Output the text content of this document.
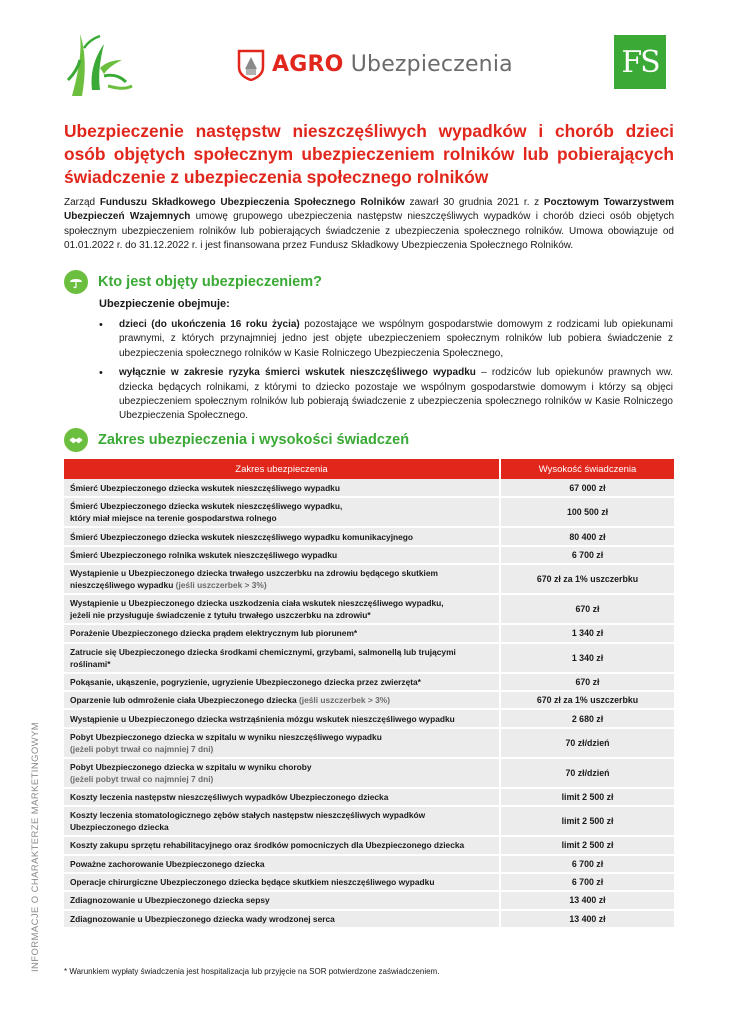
AGRO Ubezpieczenia	FS
Ubezpieczenie następstw nieszczęśliwych wypadków i chorób dzieci osób objętych społecznym ubezpieczeniem rolników lub pobierających świadczenie z ubezpieczenia społecznego rolników
Zarząd Funduszu Składkowego Ubezpieczenia Społecznego Rolników zawarł 30 grudnia 2021 r. z Pocztowym Towarzystwem Ubezpieczeń Wzajemnych umowę grupowego ubezpieczenia następstw nieszczęśliwych wypadków i chorób dzieci osób objętych społecznym ubezpieczeniem rolników lub pobierających świadczenie z ubezpieczenia społecznego rolników. Umowa obowiązuje od 01.01.2022 r. do 31.12.2022 r. i jest finansowana przez Fundusz Składkowy Ubezpieczenia Społecznego Rolników.
Kto jest objęty ubezpieczeniem?
Ubezpieczenie obejmuje:
• dzieci (do ukończenia 16 roku życia) pozostające we wspólnym gospodarstwie domowym z rodzicami lub opiekunami prawnymi, z których przynajmniej jedno jest objęte ubezpieczeniem społecznym rolników lub pobiera świadczenie z ubezpieczenia społecznego rolników w Kasie Rolniczego Ubezpieczenia Społecznego,
• wyłącznie w zakresie ryzyka śmierci wskutek nieszczęśliwego wypadku – rodziców lub opiekunów prawnych ww. dziecka będących rolnikami, z którymi to dziecko pozostaje we wspólnym gospodarstwie domowym i którzy są objęci ubezpieczeniem społecznym rolników lub pobierają świadczenie z ubezpieczenia społecznego rolników w Kasie Rolniczego Ubezpieczenia Społecznego.
Zakres ubezpieczenia i wysokości świadczeń
Zakres ubezpieczenia	Wysokość świadczenia
Śmierć Ubezpieczonego dziecka wskutek nieszczęśliwego wypadku	67 000 zł
Śmierć Ubezpieczonego dziecka wskutek nieszczęśliwego wypadku,
który miał miejsce na terenie gospodarstwa rolnego	100 500 zł
Śmierć Ubezpieczonego dziecka wskutek nieszczęśliwego wypadku komunikacyjnego	80 400 zł
Śmierć Ubezpieczonego rolnika wskutek nieszczęśliwego wypadku	6 700 zł
Wystąpienie u Ubezpieczonego dziecka trwałego uszczerbku na zdrowiu będącego skutkiem
nieszczęśliwego wypadku (jeśli uszczerbek > 3%)	670 zł za 1% uszczerbku
Wystąpienie u Ubezpieczonego dziecka uszkodzenia ciała wskutek nieszczęśliwego wypadku,
jeżeli nie przysługuje świadczenie z tytułu trwałego uszczerbku na zdrowiu*	670 zł
Porażenie Ubezpieczonego dziecka prądem elektrycznym lub piorunem*	1 340 zł
Zatrucie się Ubezpieczonego dziecka środkami chemicznymi, grzybami, salmonellą lub trującymi roślinami*	1 340 zł
Pokąsanie, ukąszenie, pogryzienie, ugryzienie Ubezpieczonego dziecka przez zwierzęta*	670 zł
Oparzenie lub odmrożenie ciała Ubezpieczonego dziecka (jeśli uszczerbek > 3%)	670 zł za 1% uszczerbku
Wystąpienie u Ubezpieczonego dziecka wstrząśnienia mózgu wskutek nieszczęśliwego wypadku	2 680 zł
Pobyt Ubezpieczonego dziecka w szpitalu w wyniku nieszczęśliwego wypadku
(jeżeli pobyt trwał co najmniej 7 dni)	70 zł/dzień
Pobyt Ubezpieczonego dziecka w szpitalu w wyniku choroby
(jeżeli pobyt trwał co najmniej 7 dni)	70 zł/dzień
Koszty leczenia następstw nieszczęśliwych wypadków Ubezpieczonego dziecka	limit 2 500 zł
Koszty leczenia stomatologicznego zębów stałych następstw nieszczęśliwych wypadków
Ubezpieczonego dziecka	limit 2 500 zł
Koszty zakupu sprzętu rehabilitacyjnego oraz środków pomocniczych dla Ubezpieczonego dziecka	limit 2 500 zł
Poważne zachorowanie Ubezpieczonego dziecka	6 700 zł
Operacje chirurgiczne Ubezpieczonego dziecka będące skutkiem nieszczęśliwego wypadku	6 700 zł
Zdiagnozowanie u Ubezpieczonego dziecka sepsy	13 400 zł
Zdiagnozowanie u Ubezpieczonego dziecka wady wrodzonej serca	13 400 zł
* Warunkiem wypłaty świadczenia jest hospitalizacja lub przyjęcie na SOR potwierdzone zaświadczeniem.
INFORMACJE O CHARAKTERZE MARKETINGOWYM
